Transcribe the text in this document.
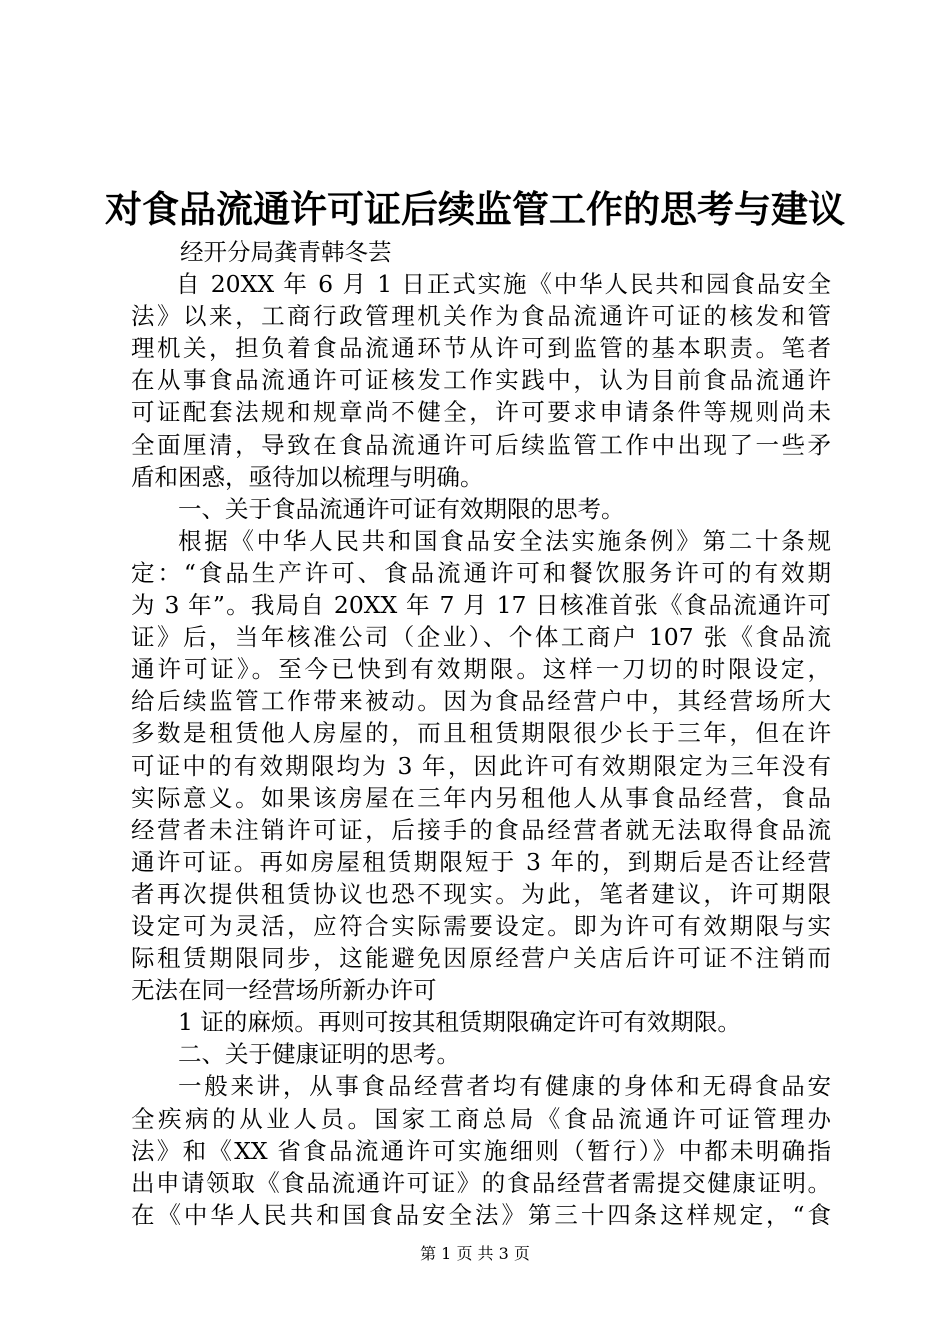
对食品流通许可证后续监管工作的思考与建议
经开分局龚青韩冬芸
自 20XX 年 6 月 1 日正式实施《中华人民共和园食品安全
法》以来，工商行政管理机关作为食品流通许可证的核发和管
理机关，担负着食品流通环节从许可到监管的基本职责。笔者
在从事食品流通许可证核发工作实践中，认为目前食品流通许
可证配套法规和规章尚不健全，许可要求申请条件等规则尚未
全面厘清，导致在食品流通许可后续监管工作中出现了一些矛
盾和困惑，亟待加以梳理与明确。
一、关于食品流通许可证有效期限的思考。
根据《中华人民共和国食品安全法实施条例》第二十条规
定：“食品生产许可、食品流通许可和餐饮服务许可的有效期
为 3 年”。我局自 20XX 年 7 月 17 日核准首张《食品流通许可
证》后，当年核准公司（企业）、个体工商户 107 张《食品流
通许可证》。至今已快到有效期限。这样一刀切的时限设定，
给后续监管工作带来被动。因为食品经营户中，其经营场所大
多数是租赁他人房屋的，而且租赁期限很少长于三年，但在许
可证中的有效期限均为 3 年，因此许可有效期限定为三年没有
实际意义。如果该房屋在三年内另租他人从事食品经营，食品
经营者未注销许可证，后接手的食品经营者就无法取得食品流
通许可证。再如房屋租赁期限短于 3 年的，到期后是否让经营
者再次提供租赁协议也恐不现实。为此，笔者建议，许可期限
设定可为灵活，应符合实际需要设定。即为许可有效期限与实
际租赁期限同步，这能避免因原经营户关店后许可证不注销而
无法在同一经营场所新办许可
1 证的麻烦。再则可按其租赁期限确定许可有效期限。
二、关于健康证明的思考。
一般来讲，从事食品经营者均有健康的身体和无碍食品安
全疾病的从业人员。国家工商总局《食品流通许可证管理办
法》和《XX 省食品流通许可实施细则（暂行）》中都未明确指
出申请领取《食品流通许可证》的食品经营者需提交健康证明。
在《中华人民共和国食品安全法》第三十四条这样规定，“食
第 1 页 共 3 页
